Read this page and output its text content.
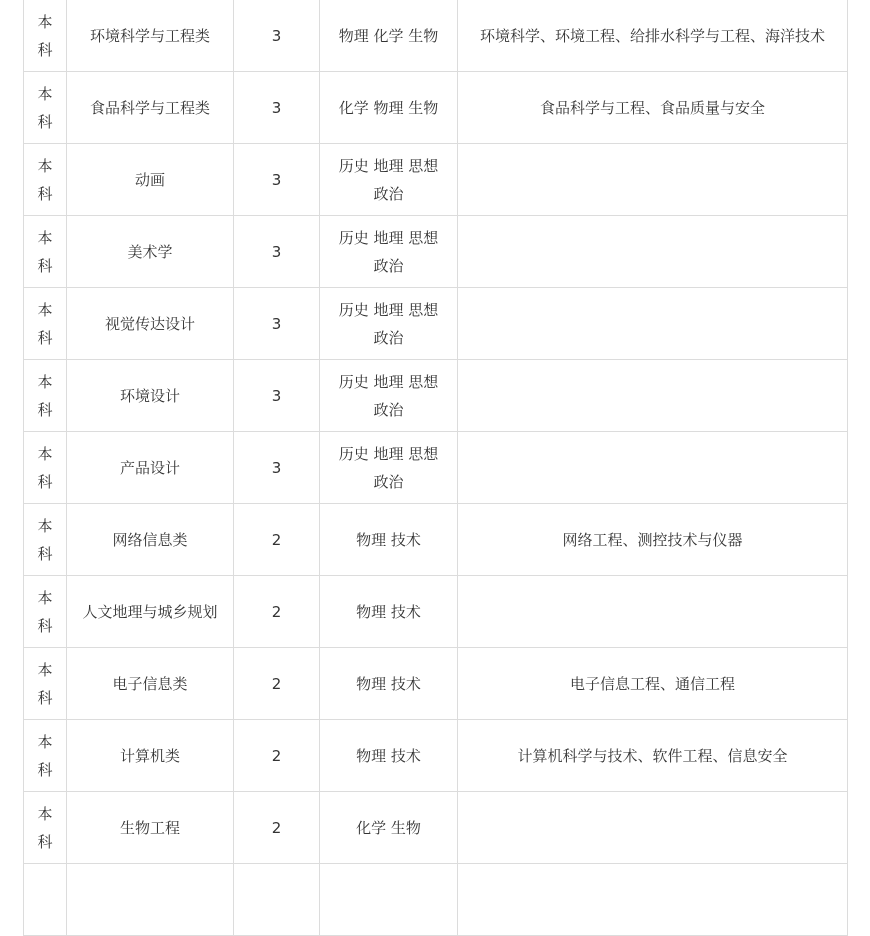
本科	环境科学与工程类	3	物理 化学 生物	环境科学、环境工程、给排水科学与工程、海洋技术
本科	食品科学与工程类	3	化学 物理 生物	食品科学与工程、食品质量与安全
本科	动画	3	历史 地理 思想政治	
本科	美术学	3	历史 地理 思想政治	
本科	视觉传达设计	3	历史 地理 思想政治	
本科	环境设计	3	历史 地理 思想政治	
本科	产品设计	3	历史 地理 思想政治	
本科	网络信息类	2	物理 技术	网络工程、测控技术与仪器
本科	人文地理与城乡规划	2	物理 技术	
本科	电子信息类	2	物理 技术	电子信息工程、通信工程
本科	计算机类	2	物理 技术	计算机科学与技术、软件工程、信息安全
本科	生物工程	2	化学 生物	
